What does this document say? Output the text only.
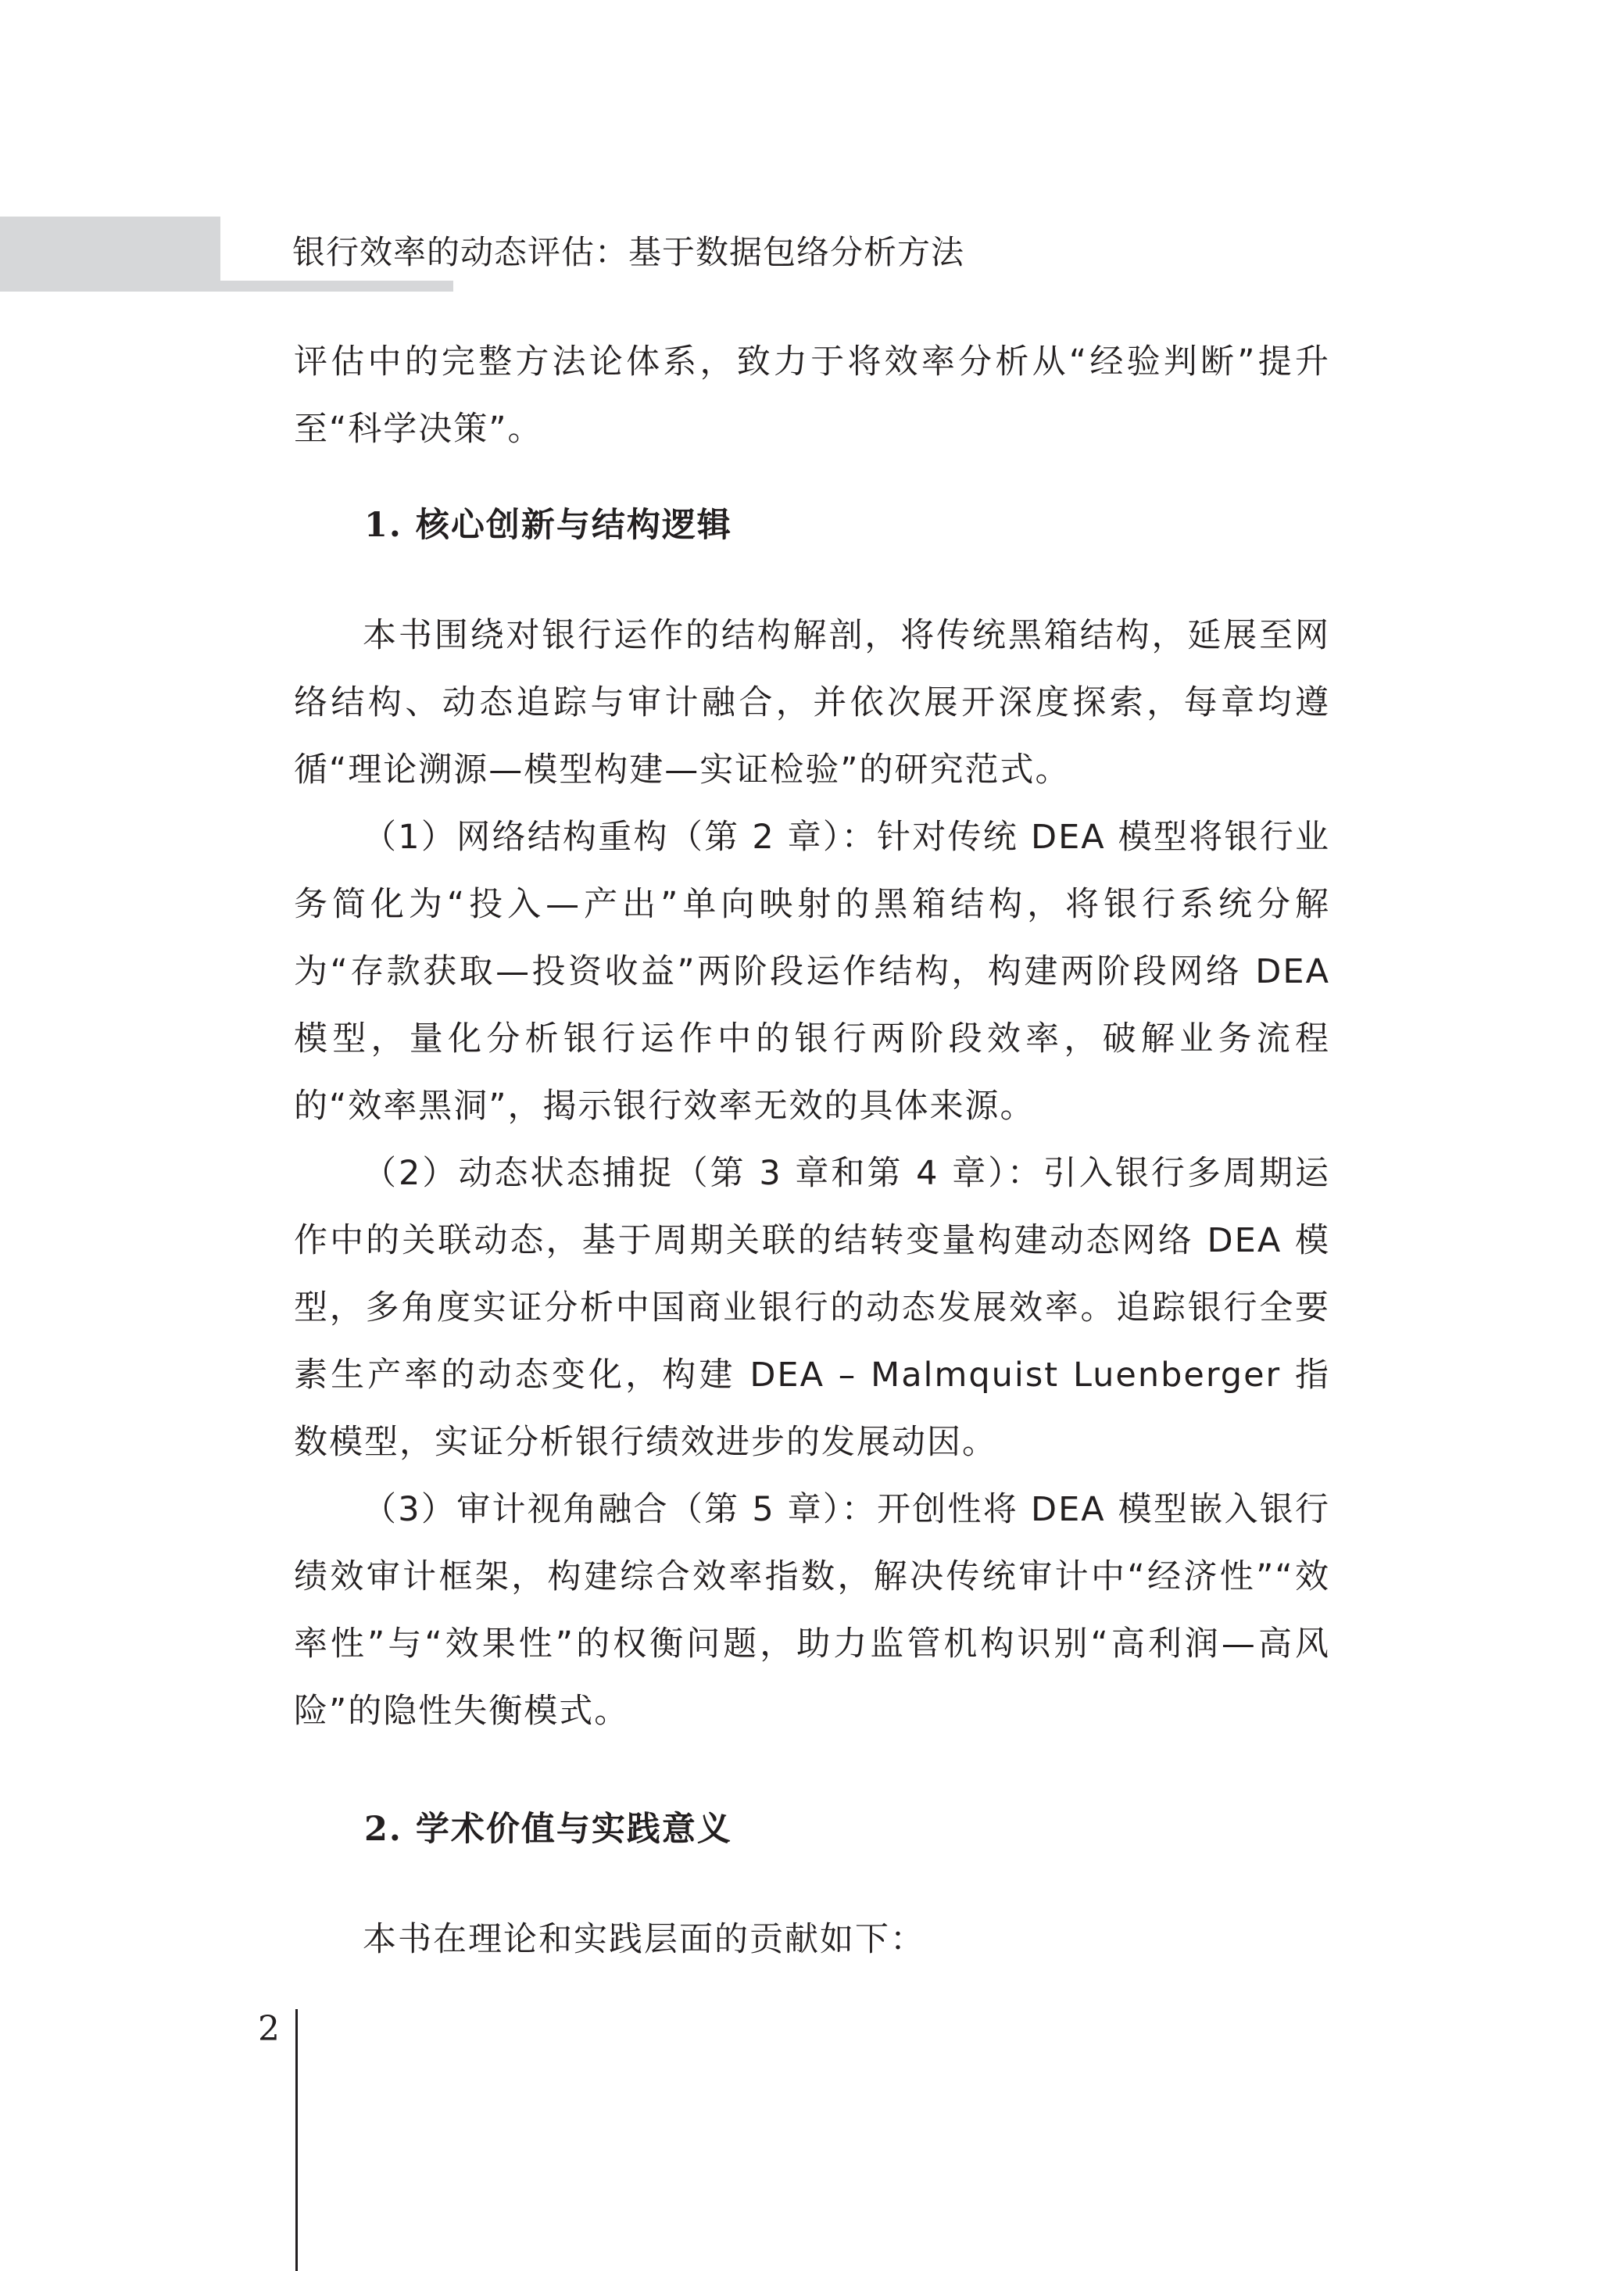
银行效率的动态评估：基于数据包络分析方法
评估中的完整方法论体系，致力于将效率分析从“经验判断”提升至“科学决策”。
1. 核心创新与结构逻辑

本书围绕对银行运作的结构解剖，将传统黑箱结构，延展至网络结构、动态追踪与审计融合，并依次展开深度探索，每章均遵循“理论溯源—模型构建—实证检验”的研究范式。

（1）网络结构重构（第 2 章）：针对传统 DEA 模型将银行业务简化为“投入—产出”单向映射的黑箱结构，将银行系统分解为“存款获取—投资收益”两阶段运作结构，构建两阶段网络 DEA 模型，量化分析银行运作中的银行两阶段效率，破解业务流程的“效率黑洞”，揭示银行效率无效的具体来源。

（2）动态状态捕捉（第 3 章和第 4 章）：引入银行多周期运作中的关联动态，基于周期关联的结转变量构建动态网络 DEA 模型，多角度实证分析中国商业银行的动态发展效率。追踪银行全要素生产率的动态变化，构建 DEA – Malmquist Luenberger 指数模型，实证分析银行绩效进步的发展动因。

（3）审计视角融合（第 5 章）：开创性将 DEA 模型嵌入银行绩效审计框架，构建综合效率指数，解决传统审计中“经济性”“效率性”与“效果性”的权衡问题，助力监管机构识别“高利润—高风险”的隐性失衡模式。

2. 学术价值与实践意义

本书在理论和实践层面的贡献如下：

2
